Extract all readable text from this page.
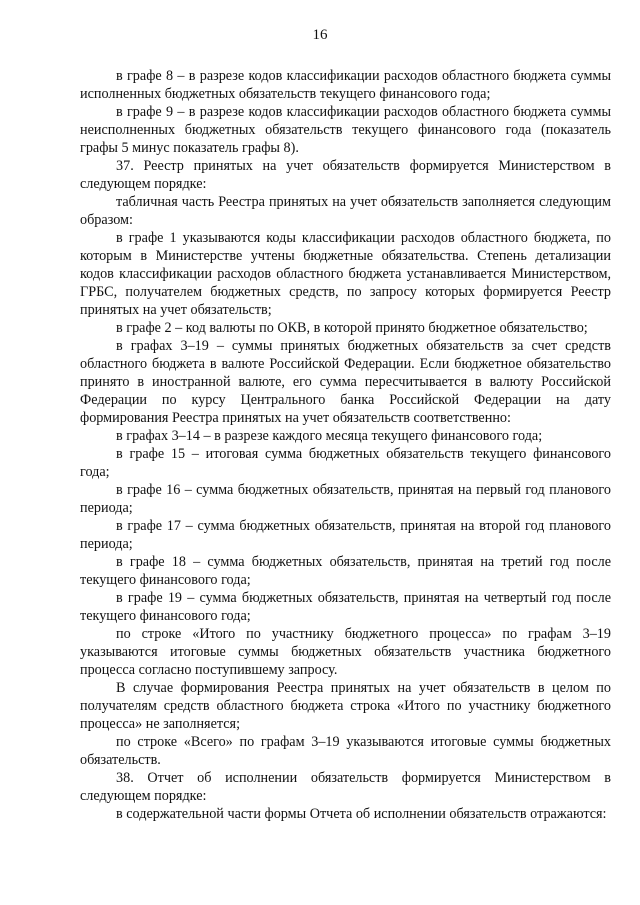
16

в графе 8 – в разрезе кодов классификации расходов областного бюджета суммы исполненных бюджетных обязательств текущего финансового года;

в графе 9 – в разрезе кодов классификации расходов областного бюджета суммы неисполненных бюджетных обязательств текущего финансового года (показатель графы 5 минус показатель графы 8).

37. Реестр принятых на учет обязательств формируется Министерством в следующем порядке:

табличная часть Реестра принятых на учет обязательств заполняется следующим образом:

в графе 1 указываются коды классификации расходов областного бюджета, по которым в Министерстве учтены бюджетные обязательства. Степень детализации кодов классификации расходов областного бюджета устанавливается Министерством, ГРБС, получателем бюджетных средств, по запросу которых формируется Реестр принятых на учет обязательств;

в графе 2 – код валюты по ОКВ, в которой принято бюджетное обязательство;

в графах 3–19 – суммы принятых бюджетных обязательств за счет средств областного бюджета в валюте Российской Федерации. Если бюджетное обязательство принято в иностранной валюте, его сумма пересчитывается в валюту Российской Федерации по курсу Центрального банка Российской Федерации на дату формирования Реестра принятых на учет обязательств соответственно:

в графах 3–14 – в разрезе каждого месяца текущего финансового года;

в графе 15 – итоговая сумма бюджетных обязательств текущего финансового года;

в графе 16 – сумма бюджетных обязательств, принятая на первый год планового периода;

в графе 17 – сумма бюджетных обязательств, принятая на второй год планового периода;

в графе 18 – сумма бюджетных обязательств, принятая на третий год после текущего финансового года;

в графе 19 – сумма бюджетных обязательств, принятая на четвертый год после текущего финансового года;

по строке «Итого по участнику бюджетного процесса» по графам 3–19 указываются итоговые суммы бюджетных обязательств участника бюджетного процесса согласно поступившему запросу.

В случае формирования Реестра принятых на учет обязательств в целом по получателям средств областного бюджета строка «Итого по участнику бюджетного процесса» не заполняется;

по строке «Всего» по графам 3–19 указываются итоговые суммы бюджетных обязательств.

38. Отчет об исполнении обязательств формируется Министерством в следующем порядке:

в содержательной части формы Отчета об исполнении обязательств отражаются:
